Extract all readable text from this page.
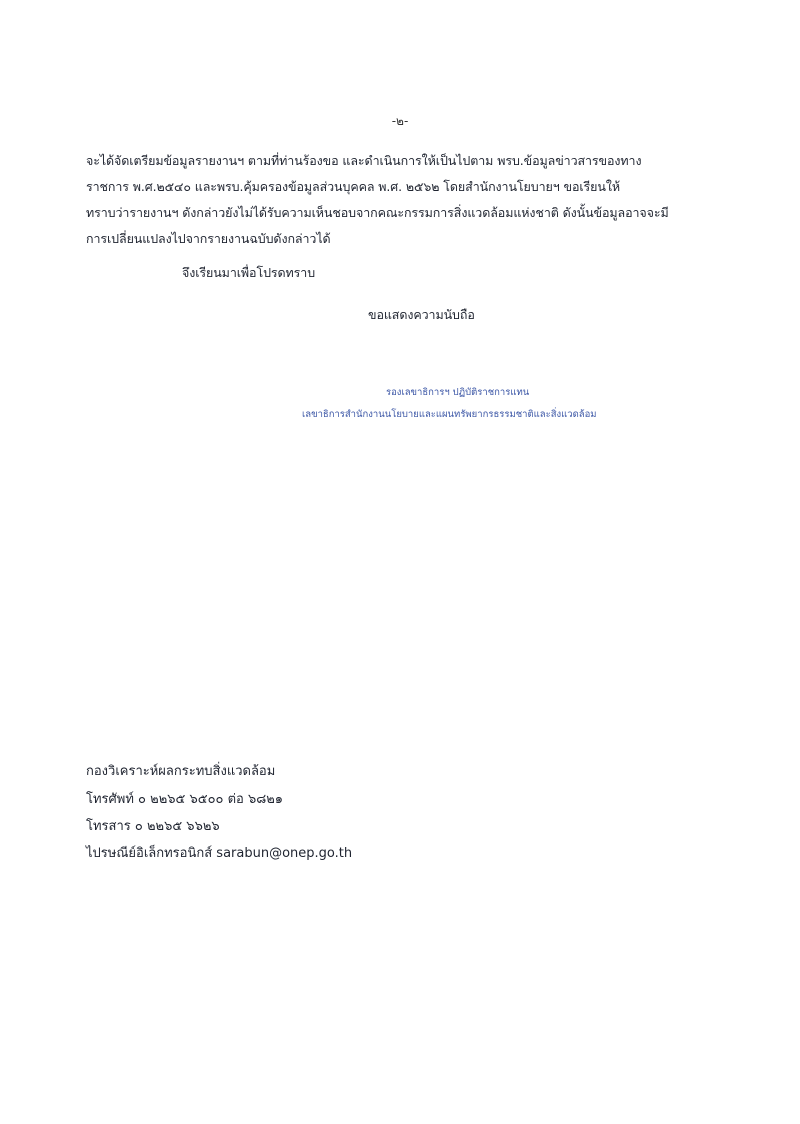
-๒-
จะได้จัดเตรียมข้อมูลรายงานฯ ตามที่ท่านร้องขอ และดำเนินการให้เป็นไปตาม พรบ.ข้อมูลข่าวสารของทาง
ราชการ พ.ศ.๒๕๔๐ และพรบ.คุ้มครองข้อมูลส่วนบุคคล พ.ศ. ๒๕๖๒ โดยสำนักงานโยบายฯ ขอเรียนให้
ทราบว่ารายงานฯ ดังกล่าวยังไม่ได้รับความเห็นชอบจากคณะกรรมการสิ่งแวดล้อมแห่งชาติ ดังนั้นข้อมูลอาจจะมี
การเปลี่ยนแปลงไปจากรายงานฉบับดังกล่าวได้
จึงเรียนมาเพื่อโปรดทราบ
ขอแสดงความนับถือ
รองเลขาธิการฯ ปฏิบัติราชการแทน
เลขาธิการสำนักงานนโยบายและแผนทรัพยากรธรรมชาติและสิ่งแวดล้อม
กองวิเคราะห์ผลกระทบสิ่งแวดล้อม
โทรศัพท์ ๐ ๒๒๖๕ ๖๕๐๐ ต่อ ๖๘๒๑
โทรสาร ๐ ๒๒๖๕ ๖๖๒๖
ไปรษณีย์อิเล็กทรอนิกส์ sarabun@onep.go.th
